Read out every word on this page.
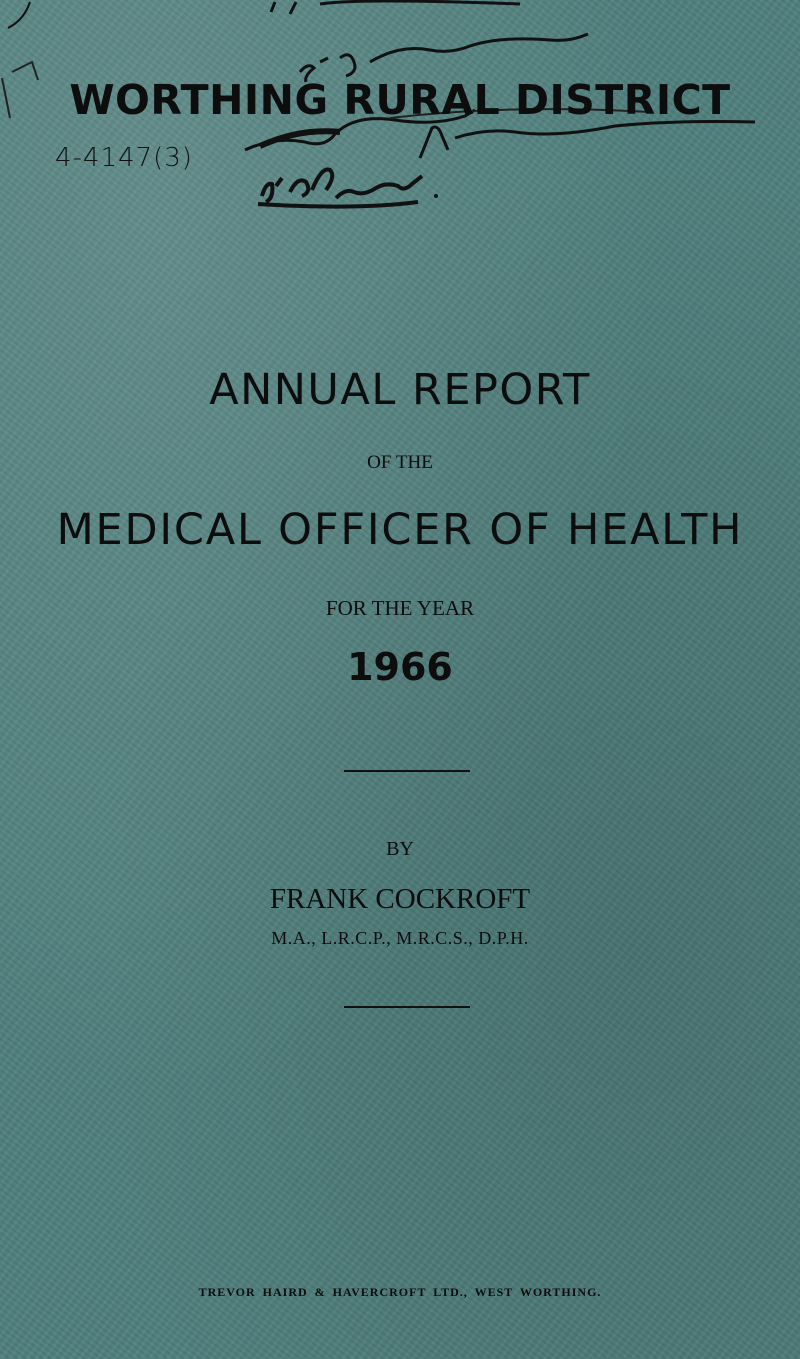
4-4147(3)
WORTHING RURAL DISTRICT
ANNUAL REPORT
OF THE
MEDICAL OFFICER OF HEALTH
FOR THE YEAR
1966
BY
FRANK COCKROFT
M.A., L.R.C.P., M.R.C.S., D.P.H.
TREVOR HAIRD & HAVERCROFT LTD., WEST WORTHING.
